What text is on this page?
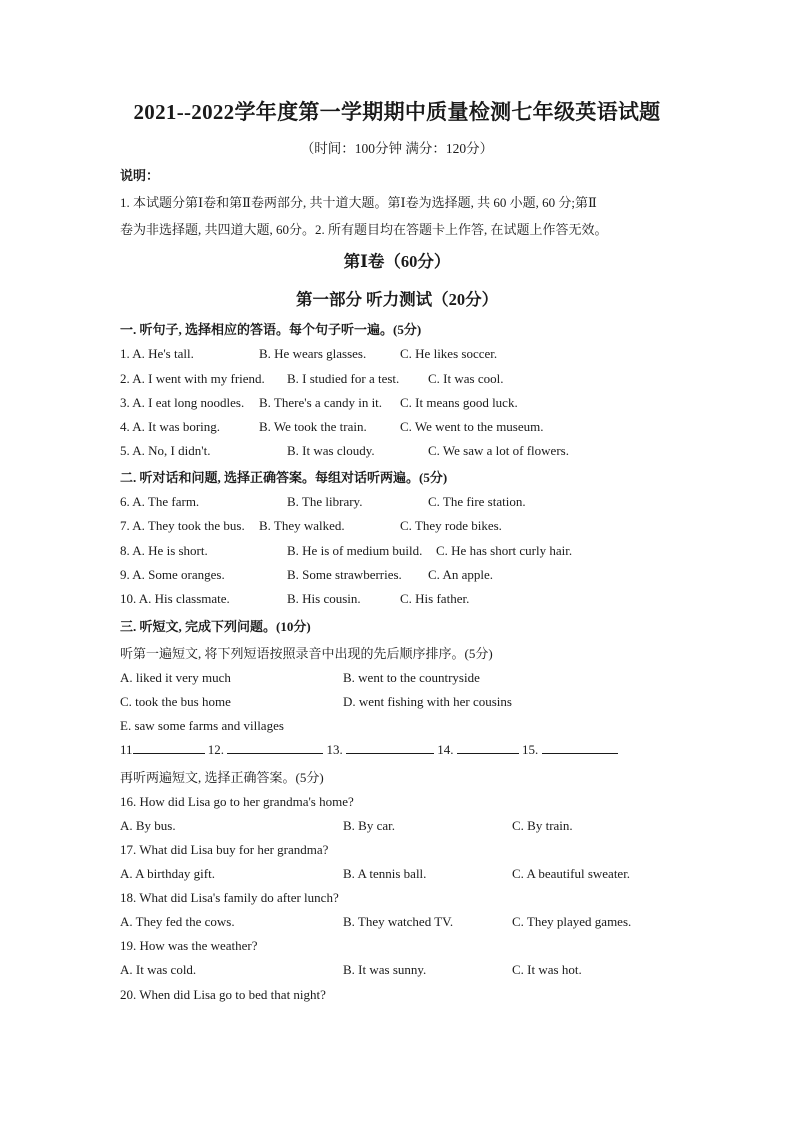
2021--2022学年度第一学期期中质量检测七年级英语试题
（时间：100分钟 满分：120分）
说明：
1. 本试题分第Ⅰ卷和第Ⅱ卷两部分, 共十道大题。第Ⅰ卷为选择题, 共 60 小题, 60 分;第Ⅱ
卷为非选择题, 共四道大题, 60分。2. 所有题目均在答题卡上作答, 在试题上作答无效。
第Ⅰ卷（60分）
第一部分 听力测试（20分）
一. 听句子, 选择相应的答语。每个句子听一遍。(5分)
1. A. He's tall.	B. He wears glasses.	C. He likes soccer.
2. A. I went with my friend. B. I studied for a test. C. It was cool.
3. A. I eat long noodles. B. There's a candy in it. C. It means good luck.
4. A. It was boring.	B. We took the train.	C. We went to the museum.
5. A. No, I didn't.	B. It was cloudy.	C. We saw a lot of flowers.
二. 听对话和问题, 选择正确答案。每组对话听两遍。(5分)
6. A. The farm.	B. The library.	C. The fire station.
7. A. They took the bus. B. They walked.	C. They rode bikes.
8. A. He is short.	B. He is of medium build. C. He has short curly hair.
9. A. Some oranges.	B. Some strawberries. C. An apple.
10. A. His classmate.	B. His cousin.	C. His father.
三. 听短文, 完成下列问题。(10分)
听第一遍短文, 将下列短语按照录音中出现的先后顺序排序。(5分)
A. liked it very much	B. went to the countryside
C. took the bus home	D. went fishing with her cousins
E. saw some farms and villages
11	12.	13.	14.	15.
再听两遍短文, 选择正确答案。(5分)
16. How did Lisa go to her grandma's home?
A. By bus.	B. By car.	C. By train.
17. What did Lisa buy for her grandma?
A. A birthday gift.	B. A tennis ball.	C. A beautiful sweater.
18. What did Lisa's family do after lunch?
A. They fed the cows.	B. They watched TV.	C. They played games.
19. How was the weather?
A. It was cold.	B. It was sunny.	C. It was hot.
20. When did Lisa go to bed that night?
